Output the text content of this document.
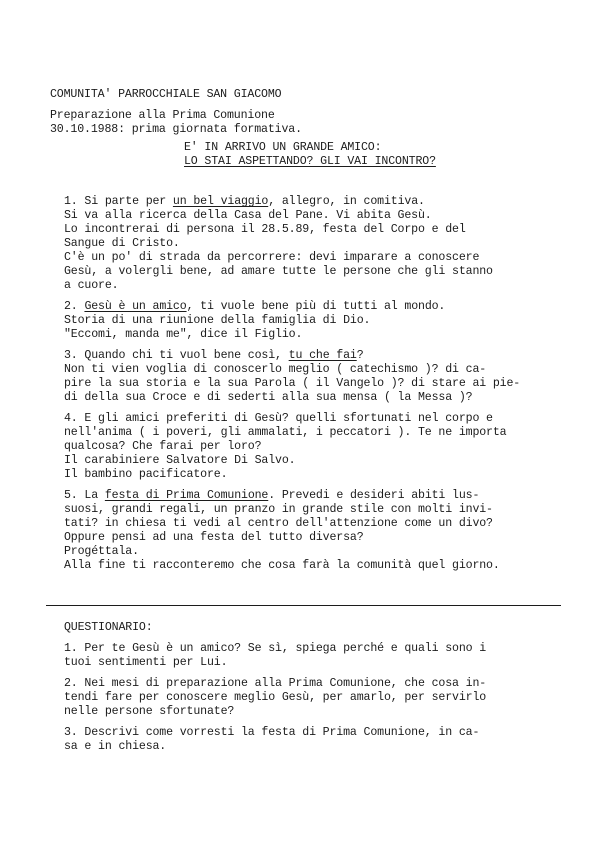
COMUNITA' PARROCCHIALE SAN GIACOMO
Preparazione alla Prima Comunione
30.10.1988: prima giornata formativa.
E' IN ARRIVO UN GRANDE AMICO:
LO STAI ASPETTANDO? GLI VAI INCONTRO?
1. Si parte per un bel viaggio, allegro, in comitiva.
Si va alla ricerca della Casa del Pane. Vi abita Gesù.
Lo incontrerai di persona il 28.5.89, festa del Corpo e del
Sangue di Cristo.
C'è un po' di strada da percorrere: devi imparare a conoscere
Gesù, a volergli bene, ad amare tutte le persone che gli stanno
a cuore.
2. Gesù è un amico, ti vuole bene più di tutti al mondo.
Storia di una riunione della famiglia di Dio.
"Eccomi, manda me", dice il Figlio.
3. Quando chi ti vuol bene così, tu che fai?
Non ti vien voglia di conoscerlo meglio ( catechismo )? di ca-
pire la sua storia e la sua Parola ( il Vangelo )? di stare ai pie-
di della sua Croce e di sederti alla sua mensa ( la Messa )?
4. E gli amici preferiti di Gesù? quelli sfortunati nel corpo e
nell'anima ( i poveri, gli ammalati, i peccatori ). Te ne importa
qualcosa? Che farai per loro?
Il carabiniere Salvatore Di Salvo.
Il bambino pacificatore.
5. La festa di Prima Comunione. Prevedi e desideri abiti lus-
suosi, grandi regali, un pranzo in grande stile con molti invi-
tati? in chiesa ti vedi al centro dell'attenzione come un divo?
Oppure pensi ad una festa del tutto diversa?
Progéttala.
Alla fine ti racconteremo che cosa farà la comunità quel giorno.
QUESTIONARIO:
1. Per te Gesù è un amico? Se sì, spiega perché e quali sono i
tuoi sentimenti per Lui.
2. Nei mesi di preparazione alla Prima Comunione, che cosa in-
tendi fare per conoscere meglio Gesù, per amarlo, per servirlo
nelle persone sfortunate?
3. Descrivi come vorresti la festa di Prima Comunione, in ca-
sa e in chiesa.
